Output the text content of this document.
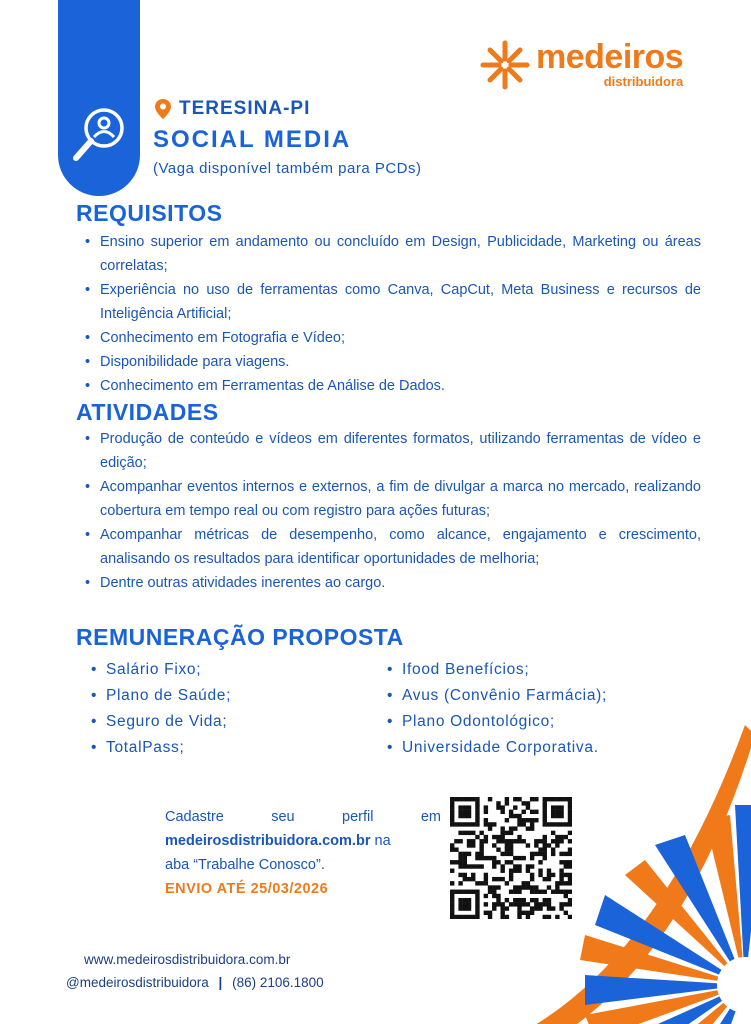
medeiros
distribuidora
TERESINA-PI
SOCIAL MEDIA
(Vaga disponível também para PCDs)
REQUISITOS
• Ensino superior em andamento ou concluído em Design, Publicidade, Marketing ou áreas correlatas;
• Experiência no uso de ferramentas como Canva, CapCut, Meta Business e recursos de Inteligência Artificial;
• Conhecimento em Fotografia e Vídeo;
• Disponibilidade para viagens.
• Conhecimento em Ferramentas de Análise de Dados.
ATIVIDADES
• Produção de conteúdo e vídeos em diferentes formatos, utilizando ferramentas de vídeo e edição;
• Acompanhar eventos internos e externos, a fim de divulgar a marca no mercado, realizando cobertura em tempo real ou com registro para ações futuras;
• Acompanhar métricas de desempenho, como alcance, engajamento e crescimento, analisando os resultados para identificar oportunidades de melhoria;
• Dentre outras atividades inerentes ao cargo.
REMUNERAÇÃO PROPOSTA
• Salário Fixo;
• Plano de Saúde;
• Seguro de Vida;
• TotalPass;
• Ifood Benefícios;
• Avus (Convênio Farmácia);
• Plano Odontológico;
• Universidade Corporativa.
Cadastre seu perfil em
medeirosdistribuidora.com.br na
aba “Trabalhe Conosco”.
ENVIO ATÉ 25/03/2026
www.medeirosdistribuidora.com.br
@medeirosdistribuidora | (86) 2106.1800
